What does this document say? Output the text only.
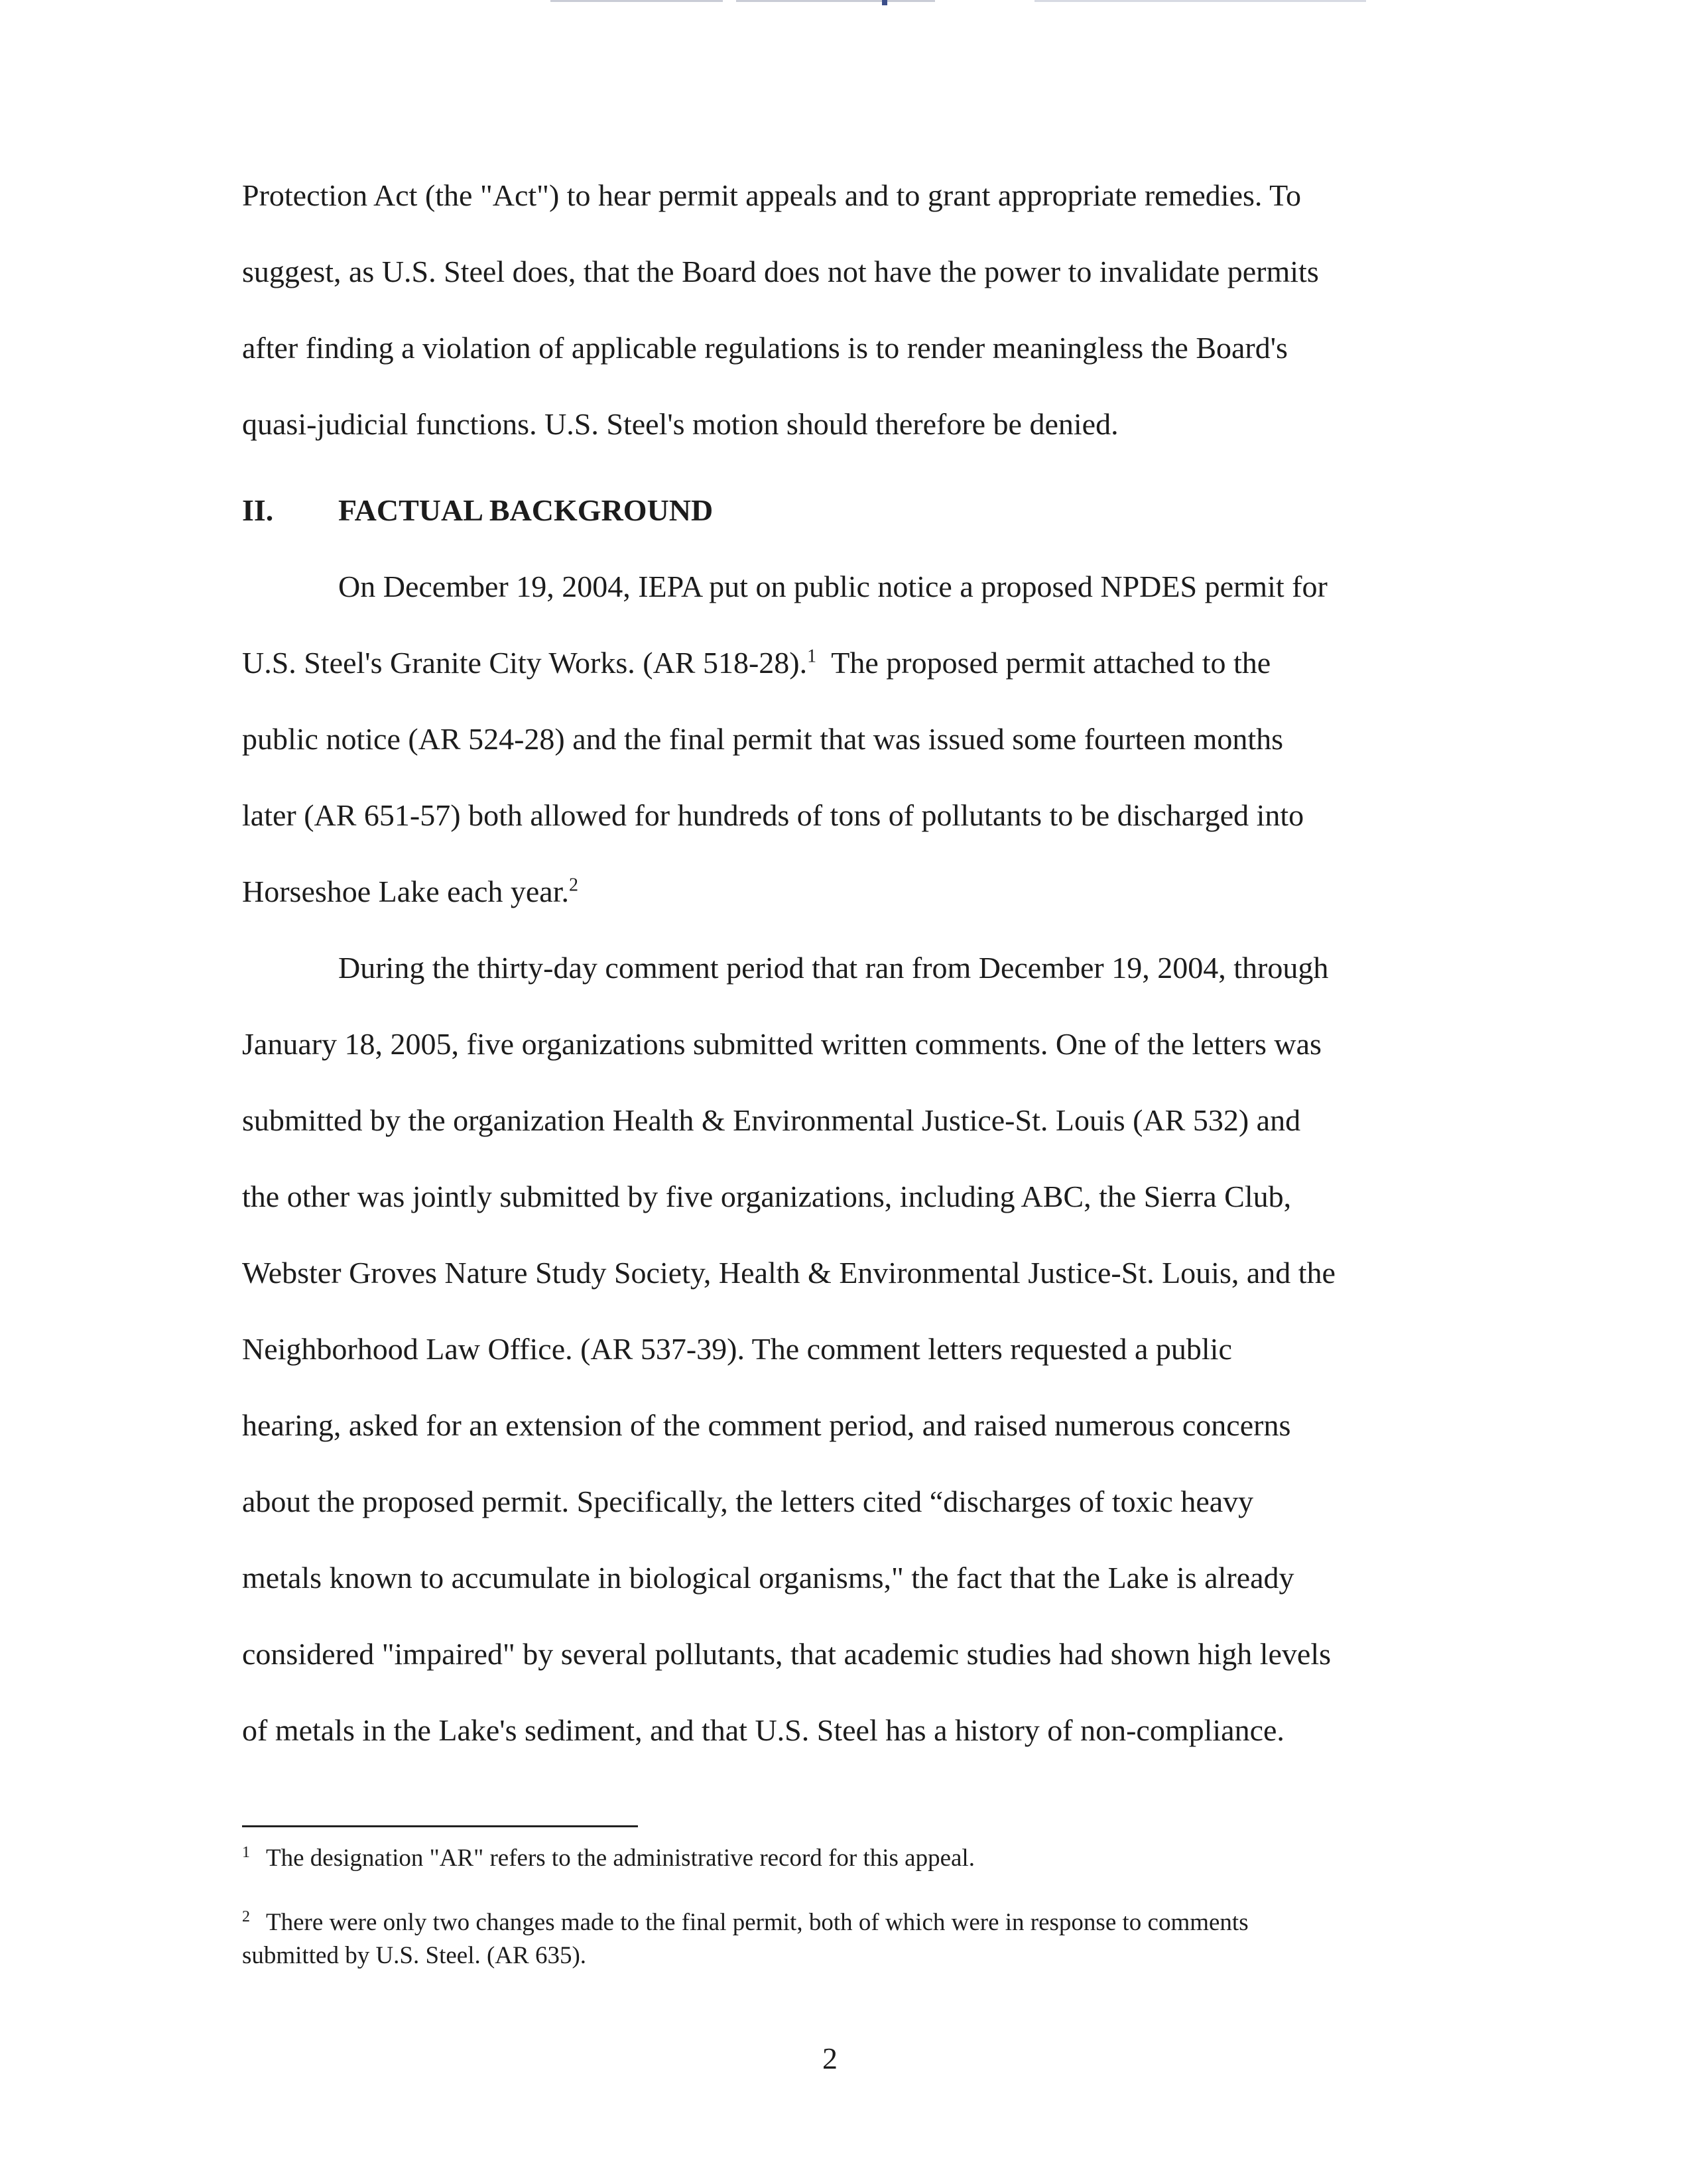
Protection Act (the "Act") to hear permit appeals and to grant appropriate remedies. To
suggest, as U.S. Steel does, that the Board does not have the power to invalidate permits
after finding a violation of applicable regulations is to render meaningless the Board's
quasi-judicial functions. U.S. Steel's motion should therefore be denied.
II. FACTUAL BACKGROUND
On December 19, 2004, IEPA put on public notice a proposed NPDES permit for
U.S. Steel's Granite City Works. (AR 518-28).$^1$  The proposed permit attached to the
public notice (AR 524-28) and the final permit that was issued some fourteen months
later (AR 651-57) both allowed for hundreds of tons of pollutants to be discharged into
Horseshoe Lake each year.$^2$
During the thirty-day comment period that ran from December 19, 2004, through
January 18, 2005, five organizations submitted written comments. One of the letters was
submitted by the organization Health & Environmental Justice-St. Louis (AR 532) and
the other was jointly submitted by five organizations, including ABC, the Sierra Club,
Webster Groves Nature Study Society, Health & Environmental Justice-St. Louis, and the
Neighborhood Law Office. (AR 537-39). The comment letters requested a public
hearing, asked for an extension of the comment period, and raised numerous concerns
about the proposed permit. Specifically, the letters cited “discharges of toxic heavy
metals known to accumulate in biological organisms," the fact that the Lake is already
considered "impaired" by several pollutants, that academic studies had shown high levels
of metals in the Lake's sediment, and that U.S. Steel has a history of non-compliance.
1 The designation "AR" refers to the administrative record for this appeal.
2 There were only two changes made to the final permit, both of which were in response to comments
submitted by U.S. Steel. (AR 635).
2
